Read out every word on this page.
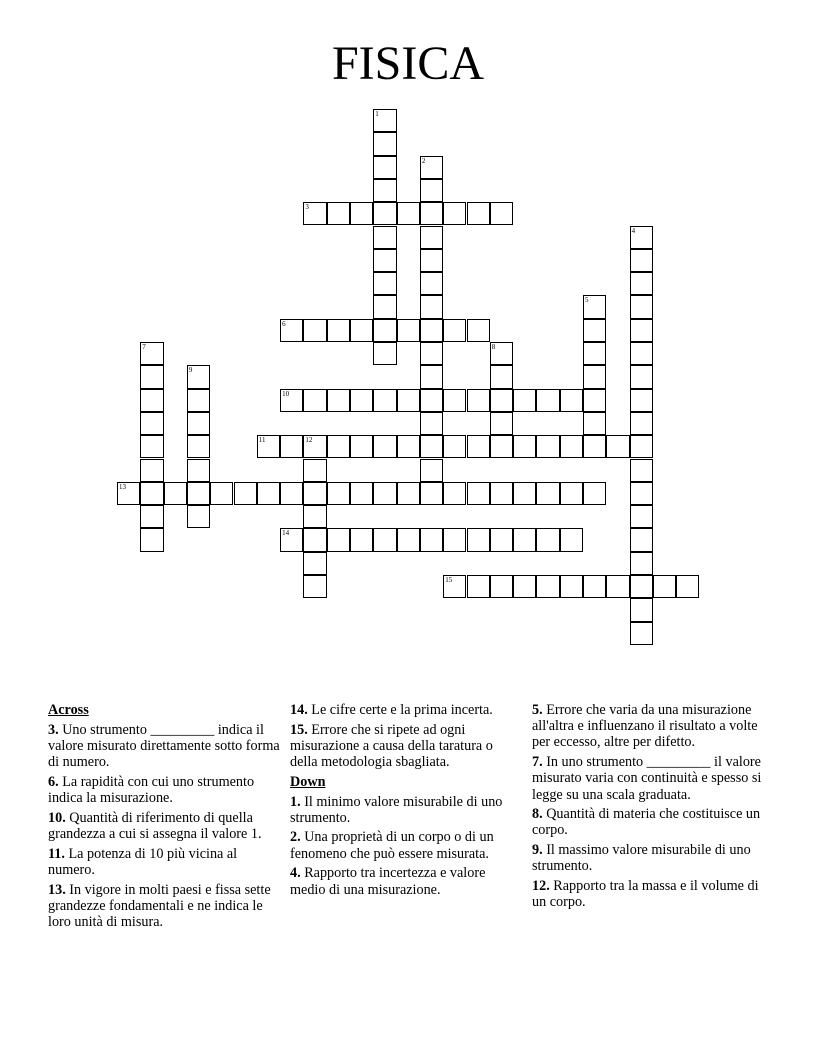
FISICA
1
2
3
4
5
6
7	8
9
10
11	12
13
14
15

Across

3. Uno strumento _________ indica il valore misurato direttamente sotto forma di numero.

6. La rapidità con cui uno strumento indica la misurazione.

10. Quantità di riferimento di quella grandezza a cui si assegna il valore 1.

11. La potenza di 10 più vicina al numero.

13. In vigore in molti paesi e fissa sette grandezze fondamentali e ne indica le loro unità di misura.

14. Le cifre certe e la prima incerta.

15. Errore che si ripete ad ogni misurazione a causa della taratura o della metodologia sbagliata.

Down

1. Il minimo valore misurabile di uno strumento.

2. Una proprietà di un corpo o di un fenomeno che può essere misurata.

4. Rapporto tra incertezza e valore medio di una misurazione.

5. Errore che varia da una misurazione all'altra e influenzano il risultato a volte per eccesso, altre per difetto.

7. In uno strumento _________ il valore misurato varia con continuità e spesso si legge su una scala graduata.

8. Quantità di materia che costituisce un corpo.

9. Il massimo valore misurabile di uno strumento.

12. Rapporto tra la massa e il volume di un corpo.
